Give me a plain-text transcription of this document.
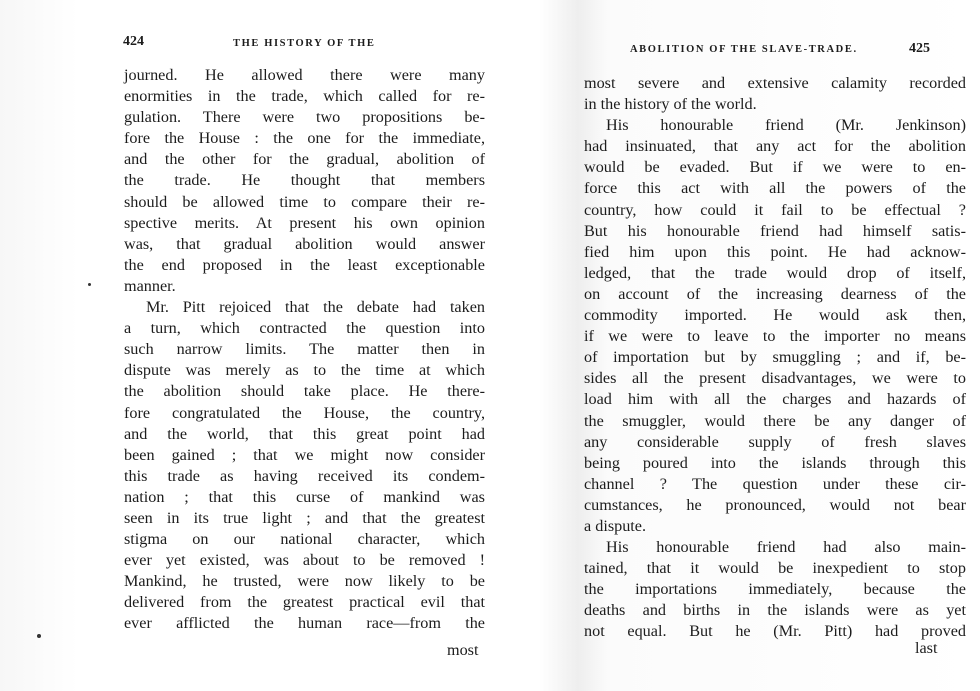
424	THE HISTORY OF THE
journed. He allowed there were many
enormities in the trade, which called for re-
gulation. There were two propositions be-
fore the House : the one for the immediate,
and the other for the gradual, abolition of
the trade. He thought that members
should be allowed time to compare their re-
spective merits. At present his own opinion
was, that gradual abolition would answer
the end proposed in the least exceptionable
manner.
Mr. Pitt rejoiced that the debate had taken
a turn, which contracted the question into
such narrow limits. The matter then in
dispute was merely as to the time at which
the abolition should take place. He there-
fore congratulated the House, the country,
and the world, that this great point had
been gained ; that we might now consider
this trade as having received its condem-
nation ; that this curse of mankind was
seen in its true light ; and that the greatest
stigma on our national character, which
ever yet existed, was about to be removed !
Mankind, he trusted, were now likely to be
delivered from the greatest practical evil that
ever afflicted the human race—from the
most
425
ABOLITION OF THE SLAVE-TRADE.
most severe and extensive calamity recorded
in the history of the world.
His honourable friend (Mr. Jenkinson)
had insinuated, that any act for the abolition
would be evaded. But if we were to en-
force this act with all the powers of the
country, how could it fail to be effectual ?
But his honourable friend had himself satis-
fied him upon this point. He had acknow-
ledged, that the trade would drop of itself,
on account of the increasing dearness of the
commodity imported. He would ask then,
if we were to leave to the importer no means
of importation but by smuggling ; and if, be-
sides all the present disadvantages, we were to
load him with all the charges and hazards of
the smuggler, would there be any danger of
any considerable supply of fresh slaves
being poured into the islands through this
channel ? The question under these cir-
cumstances, he pronounced, would not bear
a dispute.
His honourable friend had also main-
tained, that it would be inexpedient to stop
the importations immediately, because the
deaths and births in the islands were as yet
not equal. But he (Mr. Pitt) had proved
last
